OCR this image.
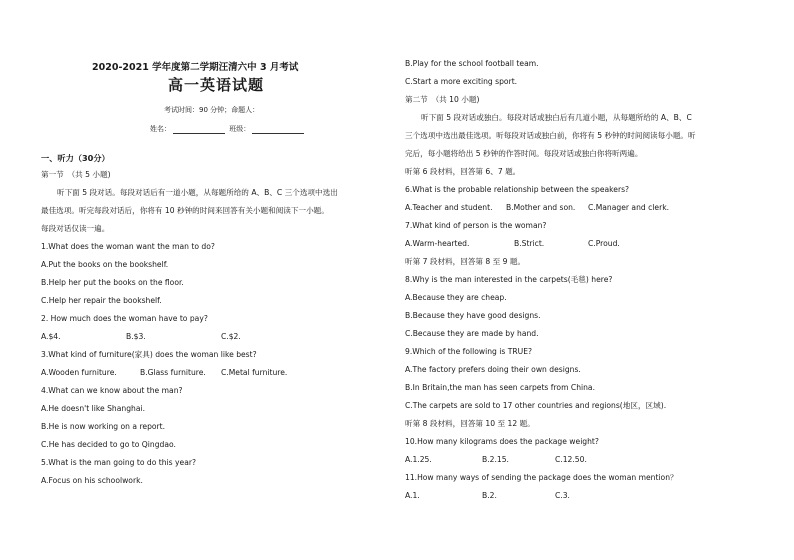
2020-2021 学年度第二学期汪清六中 3 月考试
高一英语试题
考试时间：90 分钟；命题人：
姓名：	班级：
一、听力（30分）
第一节　（共 5 小题)
听下面 5 段对话。每段对话后有一道小题，从每题所给的 A、B、C 三个选项中选出
最佳选项。听完每段对话后，你将有 10 秒钟的时间来回答有关小题和阅读下一小题。
每段对话仅读一遍。
1.What does the woman want the man to do?
A.Put the books on the bookshelf.
B.Help her put the books on the floor.
C.Help her repair the bookshelf.
2. How much does the woman have to pay?
A.$4.	B.$3.	C.$2.
3.What kind of furniture(家具) does the woman like best?
A.Wooden furniture.	B.Glass furniture. C.Metal furniture.
4.What can we know about the man?
A.He doesn't like Shanghai.
B.He is now working on a report.
C.He has decided to go to Qingdao.
5.What is the man going to do this year?
A.Focus on his schoolwork.
B.Play for the school football team.
C.Start a more exciting sport.
第二节　（共 10 小题)
听下面 5 段对话或独白。每段对话或独白后有几道小题，从每题所给的 A、B、C
三个选项中选出最佳选项。听每段对话或独白前，你将有 5 秒钟的时间阅读每小题。听
完后，每小题将给出 5 秒钟的作答时间。每段对话或独白你将听两遍。
听第 6 段材料，回答第 6、7 题。
6.What is the probable relationship between the speakers?
A.Teacher and student. B.Mother and son. C.Manager and clerk.
7.What kind of person is the woman?
A.Warm-hearted.	B.Strict.	C.Proud.
听第 7 段材料，回答第 8 至 9 题。
8.Why is the man interested in the carpets(毛毯) here?
A.Because they are cheap.
B.Because they have good designs.
C.Because they are made by hand.
9.Which of the following is TRUE?
A.The factory prefers doing their own designs.
B.In Britain,the man has seen carpets from China.
C.The carpets are sold to 17 other countries and regions(地区，区域).
听第 8 段材料，回答第 10 至 12 题。
10.How many kilograms does the package weight?
A.1.25.	B.2.15.	C.12.50.
11.How many ways of sending the package does the woman mention？
A.1.	B.2.	C.3.
